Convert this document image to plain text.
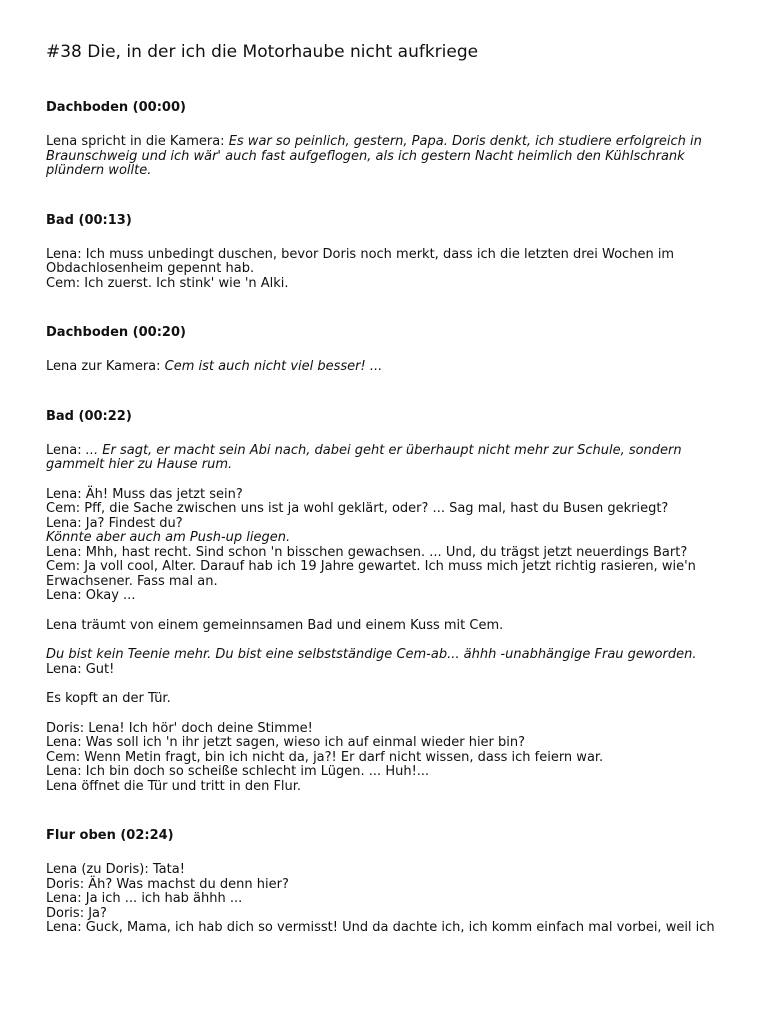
#38 Die, in der ich die Motorhaube nicht aufkriege
Dachboden (00:00)
Lena spricht in die Kamera: Es war so peinlich, gestern, Papa. Doris denkt, ich studiere erfolgreich in Braunschweig und ich wär' auch fast aufgeflogen, als ich gestern Nacht heimlich den Kühlschrank plündern wollte.
Bad (00:13)
Lena: Ich muss unbedingt duschen, bevor Doris noch merkt, dass ich die letzten drei Wochen im Obdachlosenheim gepennt hab.
Cem: Ich zuerst. Ich stink' wie 'n Alki.
Dachboden (00:20)
Lena zur Kamera: Cem ist auch nicht viel besser! ...
Bad (00:22)
Lena: ... Er sagt, er macht sein Abi nach, dabei geht er überhaupt nicht mehr zur Schule, sondern gammelt hier zu Hause rum.
Lena: Äh! Muss das jetzt sein?
Cem: Pff, die Sache zwischen uns ist ja wohl geklärt, oder? ... Sag mal, hast du Busen gekriegt?
Lena: Ja? Findest du?
Könnte aber auch am Push-up liegen.
Lena: Mhh, hast recht. Sind schon 'n bisschen gewachsen. ... Und, du trägst jetzt neuerdings Bart?
Cem: Ja voll cool, Alter. Darauf hab ich 19 Jahre gewartet. Ich muss mich jetzt richtig rasieren, wie'n Erwachsener. Fass mal an.
Lena: Okay ...
Lena träumt von einem gemeinnsamen Bad und einem Kuss mit Cem.
Du bist kein Teenie mehr. Du bist eine selbstständige Cem-ab... ähhh -unabhängige Frau geworden.
Lena: Gut!
Es kopft an der Tür.
Doris: Lena! Ich hör' doch deine Stimme!
Lena: Was soll ich 'n ihr jetzt sagen, wieso ich auf einmal wieder hier bin?
Cem: Wenn Metin fragt, bin ich nicht da, ja?! Er darf nicht wissen, dass ich feiern war.
Lena: Ich bin doch so scheiße schlecht im Lügen. ... Huh!...
Lena öffnet die Tür und tritt in den Flur.
Flur oben (02:24)
Lena (zu Doris): Tata!
Doris: Äh? Was machst du denn hier?
Lena: Ja ich ... ich hab ähhh ...
Doris: Ja?
Lena: Guck, Mama, ich hab dich so vermisst! Und da dachte ich, ich komm einfach mal vorbei, weil ich
